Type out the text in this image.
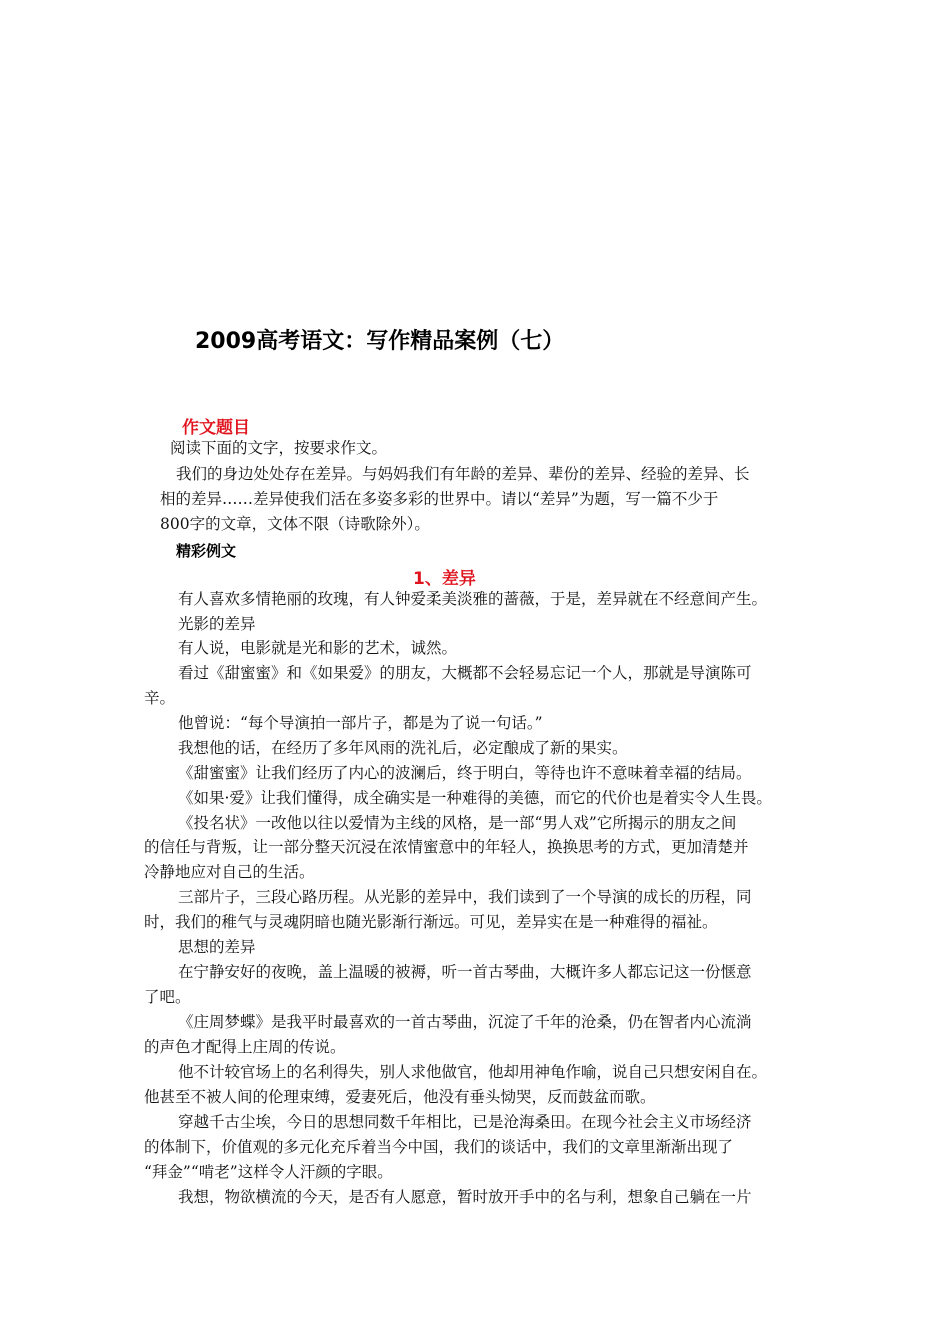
2009高考语文：写作精品案例（七）
作文题目
阅读下面的文字，按要求作文。
我们的身边处处存在差异。与妈妈我们有年龄的差异、辈份的差异、经验的差异、长
相的差异……差异使我们活在多姿多彩的世界中。请以“差异”为题，写一篇不少于
800字的文章，文体不限（诗歌除外）。
精彩例文
1、差异
有人喜欢多情艳丽的玫瑰，有人钟爱柔美淡雅的蔷薇，于是，差异就在不经意间产生。
光影的差异
有人说，电影就是光和影的艺术，诚然。
看过《甜蜜蜜》和《如果爱》的朋友，大概都不会轻易忘记一个人，那就是导演陈可
辛。
他曾说：“每个导演拍一部片子，都是为了说一句话。”
我想他的话，在经历了多年风雨的洗礼后，必定酿成了新的果实。
《甜蜜蜜》让我们经历了内心的波澜后，终于明白，等待也许不意味着幸福的结局。
《如果·爱》让我们懂得，成全确实是一种难得的美德，而它的代价也是着实令人生畏。
《投名状》一改他以往以爱情为主线的风格，是一部“男人戏”它所揭示的朋友之间
的信任与背叛，让一部分整天沉浸在浓情蜜意中的年轻人，换换思考的方式，更加清楚并
冷静地应对自己的生活。
三部片子，三段心路历程。从光影的差异中，我们读到了一个导演的成长的历程，同
时，我们的稚气与灵魂阴暗也随光影渐行渐远。可见，差异实在是一种难得的福祉。
思想的差异
在宁静安好的夜晚，盖上温暖的被褥，听一首古琴曲，大概许多人都忘记这一份惬意
了吧。
《庄周梦蝶》是我平时最喜欢的一首古琴曲，沉淀了千年的沧桑，仍在智者内心流淌
的声色才配得上庄周的传说。
他不计较官场上的名利得失，别人求他做官，他却用神龟作喻，说自己只想安闲自在。
他甚至不被人间的伦理束缚，爱妻死后，他没有垂头恸哭，反而鼓盆而歌。
穿越千古尘埃，今日的思想同数千年相比，已是沧海桑田。在现今社会主义市场经济
的体制下，价值观的多元化充斥着当今中国，我们的谈话中，我们的文章里渐渐出现了
“拜金”“啃老”这样令人汗颜的字眼。
我想，物欲横流的今天，是否有人愿意，暂时放开手中的名与利，想象自己躺在一片
